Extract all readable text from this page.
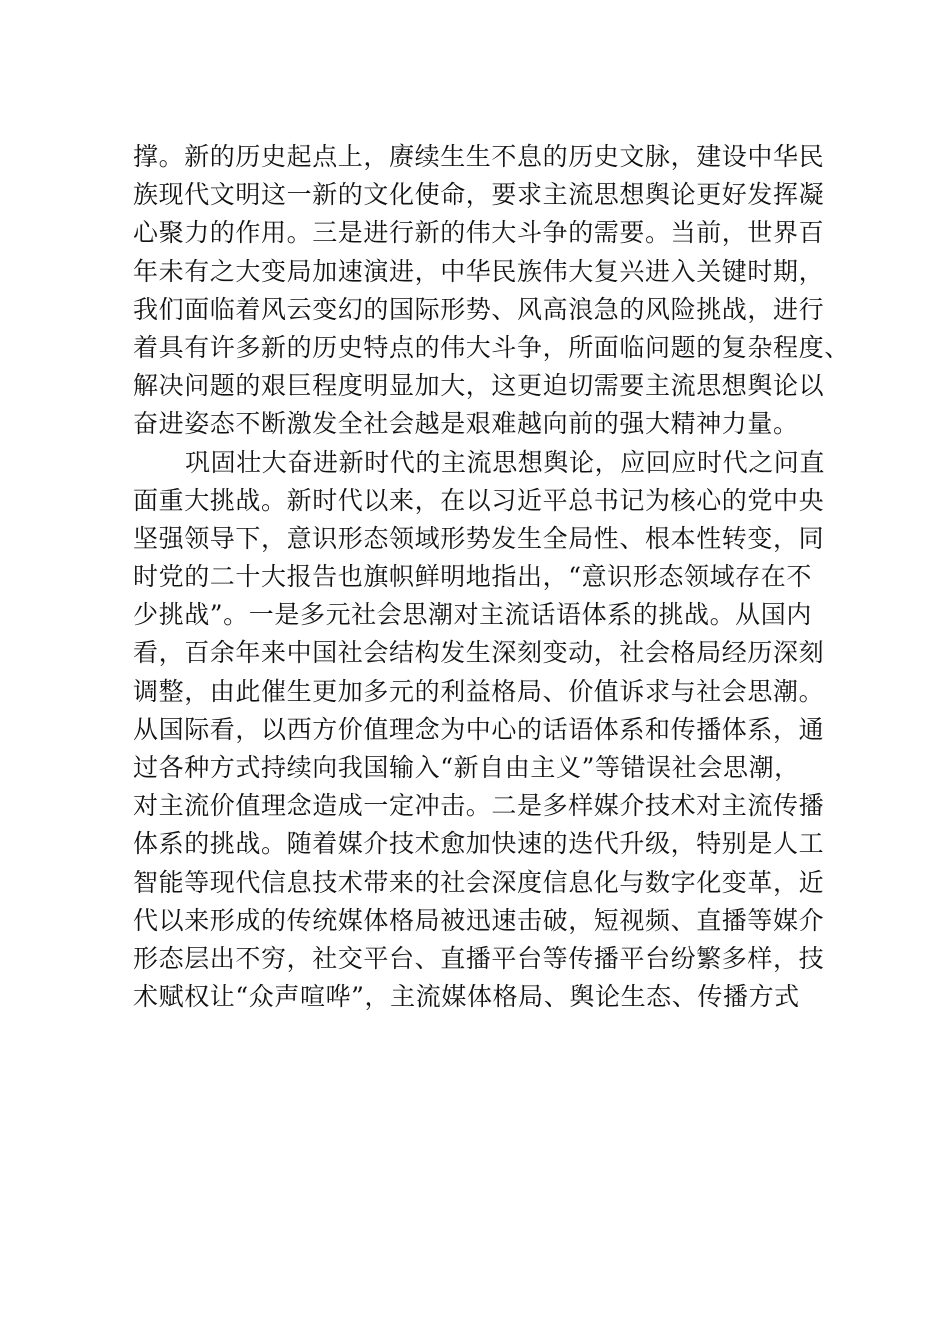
撑。新的历史起点上，赓续生生不息的历史文脉，建设中华民
族现代文明这一新的文化使命，要求主流思想舆论更好发挥凝
心聚力的作用。三是进行新的伟大斗争的需要。当前，世界百
年未有之大变局加速演进，中华民族伟大复兴进入关键时期，
我们面临着风云变幻的国际形势、风高浪急的风险挑战，进行
着具有许多新的历史特点的伟大斗争，所面临问题的复杂程度、
解决问题的艰巨程度明显加大，这更迫切需要主流思想舆论以
奋进姿态不断激发全社会越是艰难越向前的强大精神力量。
巩固壮大奋进新时代的主流思想舆论，应回应时代之问直
面重大挑战。新时代以来，在以习近平总书记为核心的党中央
坚强领导下，意识形态领域形势发生全局性、根本性转变，同
时党的二十大报告也旗帜鲜明地指出，“意识形态领域存在不
少挑战”。一是多元社会思潮对主流话语体系的挑战。从国内
看，百余年来中国社会结构发生深刻变动，社会格局经历深刻
调整，由此催生更加多元的利益格局、价值诉求与社会思潮。
从国际看，以西方价值理念为中心的话语体系和传播体系，通
过各种方式持续向我国输入“新自由主义”等错误社会思潮，
对主流价值理念造成一定冲击。二是多样媒介技术对主流传播
体系的挑战。随着媒介技术愈加快速的迭代升级，特别是人工
智能等现代信息技术带来的社会深度信息化与数字化变革，近
代以来形成的传统媒体格局被迅速击破，短视频、直播等媒介
形态层出不穷，社交平台、直播平台等传播平台纷繁多样，技
术赋权让“众声喧哗”，主流媒体格局、舆论生态、传播方式
